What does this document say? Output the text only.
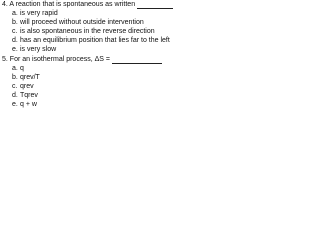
4. A reaction that is spontaneous as written
a. is very rapid
b. will proceed without outside intervention
c. is also spontaneous in the reverse direction
d. has an equilibrium position that lies far to the left
e. is very slow
5. For an isothermal process, ΔS =
a. q
b. qrev/T
c. qrev
d. Tqrev
e. q + w
